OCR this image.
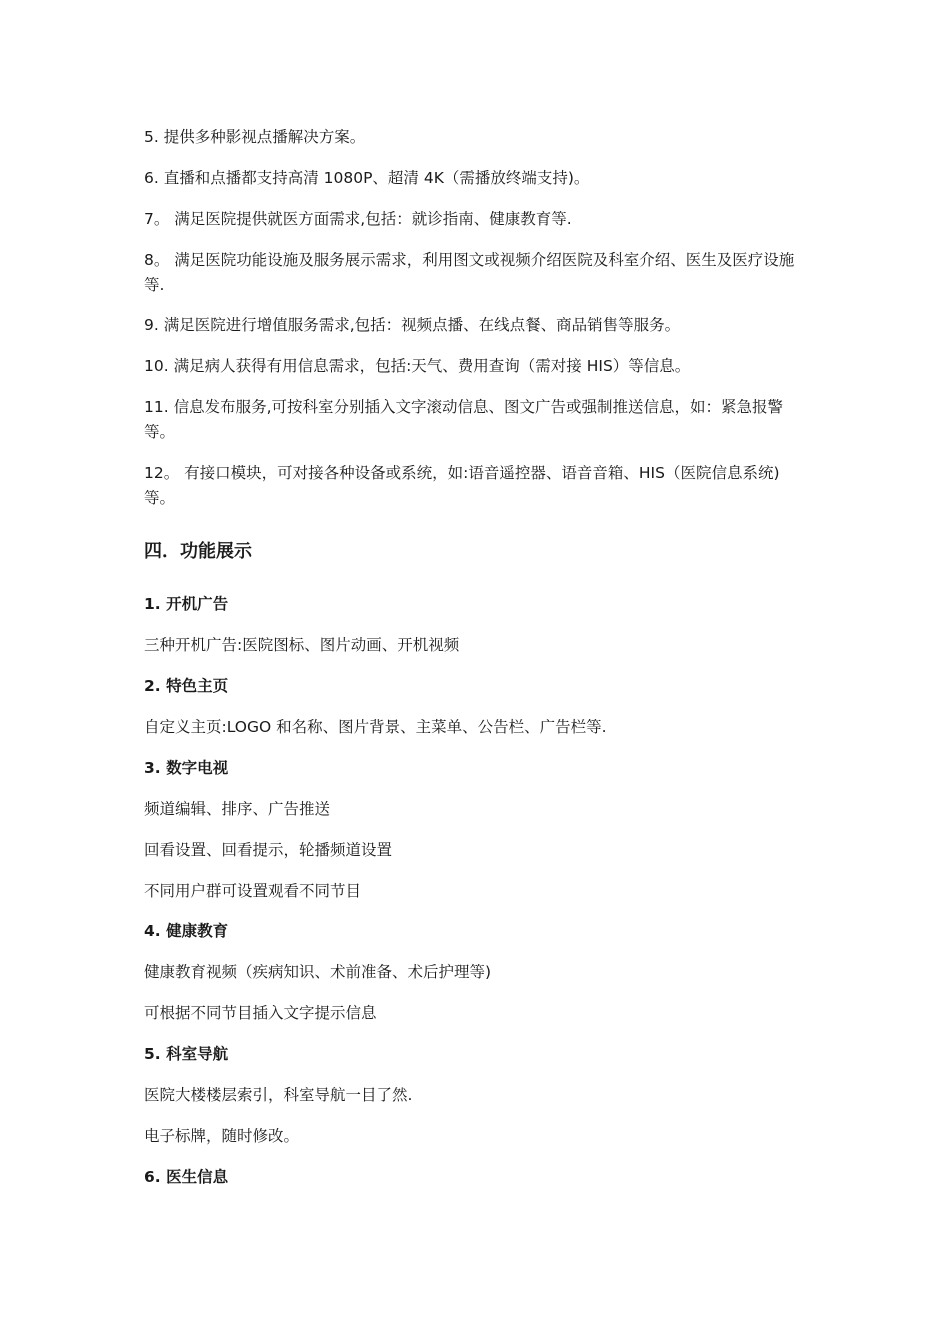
5. 提供多种影视点播解决方案。
6. 直播和点播都支持高清 1080P、超清 4K（需播放终端支持)。
7。 满足医院提供就医方面需求,包括：就诊指南、健康教育等.
8。 满足医院功能设施及服务展示需求，利用图文或视频介绍医院及科室介绍、医生及医疗设施等.
9. 满足医院进行增值服务需求,包括：视频点播、在线点餐、商品销售等服务。
10. 满足病人获得有用信息需求，包括:天气、费用查询（需对接 HIS）等信息。
11. 信息发布服务,可按科室分别插入文字滚动信息、图文广告或强制推送信息，如：紧急报警等。
12。 有接口模块，可对接各种设备或系统，如:语音遥控器、语音音箱、HIS（医院信息系统)等。
四．功能展示
1. 开机广告
三种开机广告:医院图标、图片动画、开机视频
2. 特色主页
自定义主页:LOGO 和名称、图片背景、主菜单、公告栏、广告栏等.
3. 数字电视
频道编辑、排序、广告推送
回看设置、回看提示，轮播频道设置
不同用户群可设置观看不同节目
4. 健康教育
健康教育视频（疾病知识、术前准备、术后护理等)
可根据不同节目插入文字提示信息
5. 科室导航
医院大楼楼层索引，科室导航一目了然.
电子标牌，随时修改。
6. 医生信息
